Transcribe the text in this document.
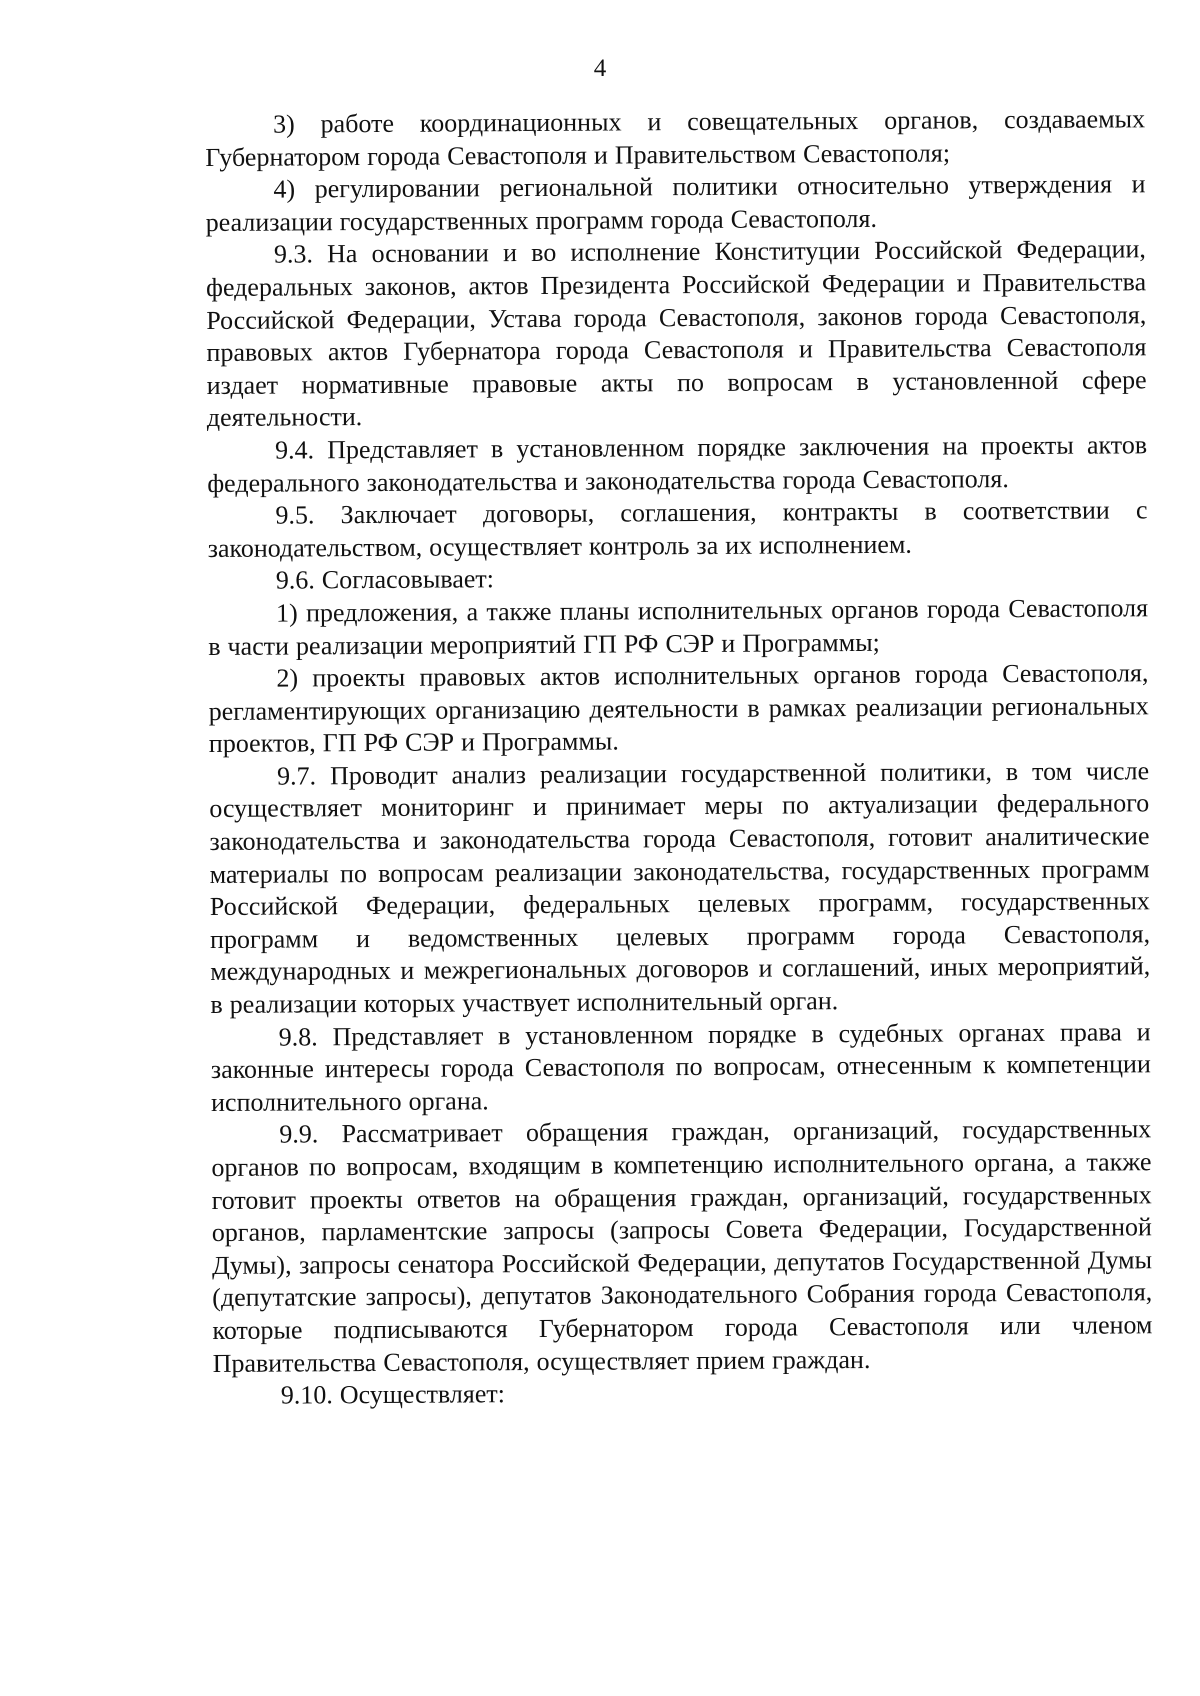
4

3) работе координационных и совещательных органов, создаваемых Губернатором города Севастополя и Правительством Севастополя;

4) регулировании региональной политики относительно утверждения и реализации государственных программ города Севастополя.

9.3. На основании и во исполнение Конституции Российской Федерации, федеральных законов, актов Президента Российской Федерации и Правительства Российской Федерации, Устава города Севастополя, законов города Севастополя, правовых актов Губернатора города Севастополя и Правительства Севастополя издает нормативные правовые акты по вопросам в установленной сфере деятельности.

9.4. Представляет в установленном порядке заключения на проекты актов федерального законодательства и законодательства города Севастополя.

9.5. Заключает договоры, соглашения, контракты в соответствии с законодательством, осуществляет контроль за их исполнением.

9.6. Согласовывает:

1) предложения, а также планы исполнительных органов города Севастополя в части реализации мероприятий ГП РФ СЭР и Программы;

2) проекты правовых актов исполнительных органов города Севастополя, регламентирующих организацию деятельности в рамках реализации региональных проектов, ГП РФ СЭР и Программы.

9.7. Проводит анализ реализации государственной политики, в том числе осуществляет мониторинг и принимает меры по актуализации федерального законодательства и законодательства города Севастополя, готовит аналитические материалы по вопросам реализации законодательства, государственных программ Российской Федерации, федеральных целевых программ, государственных программ и ведомственных целевых программ города Севастополя, международных и межрегиональных договоров и соглашений, иных мероприятий, в реализации которых участвует исполнительный орган.

9.8. Представляет в установленном порядке в судебных органах права и законные интересы города Севастополя по вопросам, отнесенным к компетенции исполнительного органа.

9.9. Рассматривает обращения граждан, организаций, государственных органов по вопросам, входящим в компетенцию исполнительного органа, а также готовит проекты ответов на обращения граждан, организаций, государственных органов, парламентские запросы (запросы Совета Федерации, Государственной Думы), запросы сенатора Российской Федерации, депутатов Государственной Думы (депутатские запросы), депутатов Законодательного Собрания города Севастополя, которые подписываются Губернатором города Севастополя или членом Правительства Севастополя, осуществляет прием граждан.

9.10. Осуществляет:
